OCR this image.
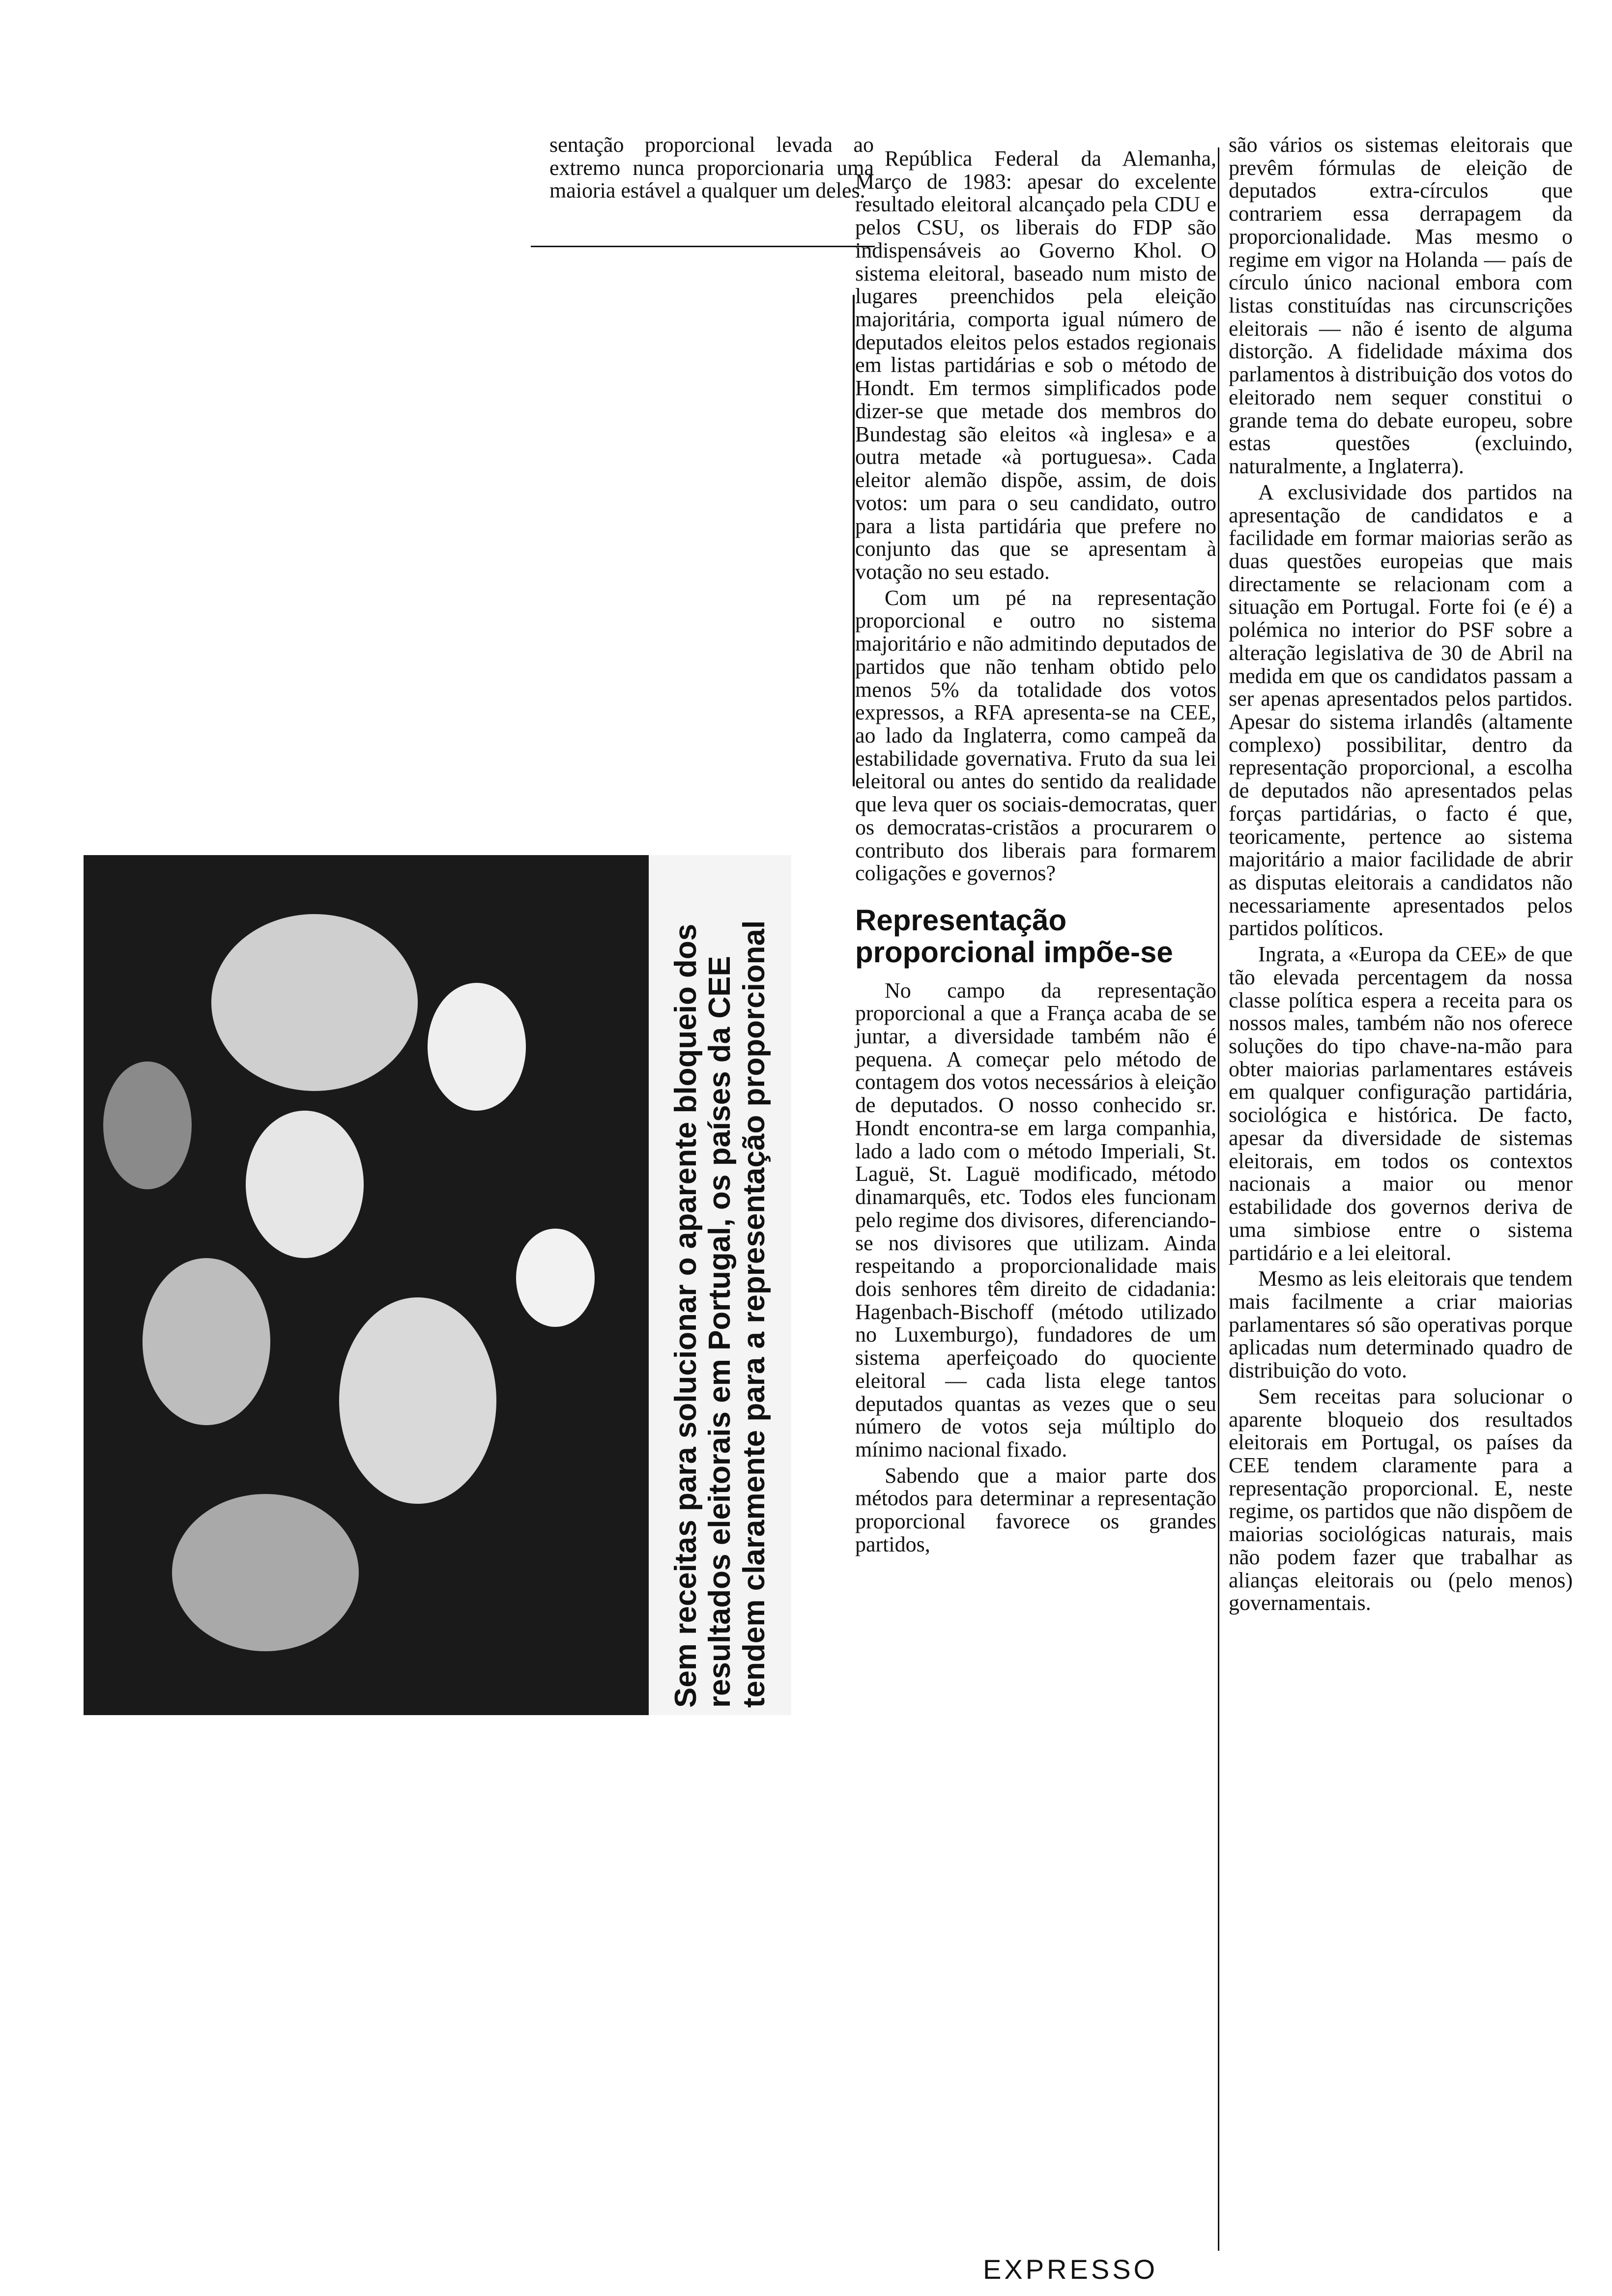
sentação proporcional levada ao extremo nunca proporcionaria uma maioria estável a qualquer um deles.

República Federal da Alemanha, Março de 1983: apesar do excelente resultado eleitoral alcançado pela CDU e pelos CSU, os liberais do FDP são indispensáveis ao Governo Khol. O sistema eleitoral, baseado num misto de lugares preenchidos pela eleição majoritária, comporta igual número de deputados eleitos pelos estados regionais em listas partidárias e sob o método de Hondt. Em termos simplificados pode dizer-se que metade dos membros do Bundestag são eleitos «à inglesa» e a outra metade «à portuguesa». Cada eleitor alemão dispõe, assim, de dois votos: um para o seu candidato, outro para a lista partidária que prefere no conjunto das que se apresentam à votação no seu estado.

Com um pé na representação proporcional e outro no sistema majoritário e não admitindo deputados de partidos que não tenham obtido pelo menos 5% da totalidade dos votos expressos, a RFA apresenta-se na CEE, ao lado da Inglaterra, como campeã da estabilidade governativa. Fruto da sua lei eleitoral ou antes do sentido da realidade que leva quer os sociais-democratas, quer os democratas-cristãos a procurarem o contributo dos liberais para formarem coligações e governos?

Representação proporcional impõe-se

No campo da representação proporcional a que a França acaba de se juntar, a diversidade também não é pequena. A começar pelo método de contagem dos votos necessários à eleição de deputados. O nosso conhecido sr. Hondt encontra-se em larga companhia, lado a lado com o método Imperiali, St. Laguë, St. Laguë modificado, método dinamarquês, etc. Todos eles funcionam pelo regime dos divisores, diferenciando-se nos divisores que utilizam. Ainda respeitando a proporcionalidade mais dois senhores têm direito de cidadania: Hagenbach-Bischoff (método utilizado no Luxemburgo), fundadores de um sistema aperfeiçoado do quociente eleitoral — cada lista elege tantos deputados quantas as vezes que o seu número de votos seja múltiplo do mínimo nacional fixado.

Sabendo que a maior parte dos métodos para determinar a representação proporcional favorece os grandes partidos,

são vários os sistemas eleitorais que prevêm fórmulas de eleição de deputados extra-círculos que contrariem essa derrapagem da proporcionalidade. Mas mesmo o regime em vigor na Holanda — país de círculo único nacional embora com listas constituídas nas circunscrições eleitorais — não é isento de alguma distorção. A fidelidade máxima dos parlamentos à distribuição dos votos do eleitorado nem sequer constitui o grande tema do debate europeu, sobre estas questões (excluindo, naturalmente, a Inglaterra).

A exclusividade dos partidos na apresentação de candidatos e a facilidade em formar maiorias serão as duas questões europeias que mais directamente se relacionam com a situação em Portugal. Forte foi (e é) a polémica no interior do PSF sobre a alteração legislativa de 30 de Abril na medida em que os candidatos passam a ser apenas apresentados pelos partidos. Apesar do sistema irlandês (altamente complexo) possibilitar, dentro da representação proporcional, a escolha de deputados não apresentados pelas forças partidárias, o facto é que, teoricamente, pertence ao sistema majoritário a maior facilidade de abrir as disputas eleitorais a candidatos não necessariamente apresentados pelos partidos políticos.

Ingrata, a «Europa da CEE» de que tão elevada percentagem da nossa classe política espera a receita para os nossos males, também não nos oferece soluções do tipo chave-na-mão para obter maiorias parlamentares estáveis em qualquer configuração partidária, sociológica e histórica. De facto, apesar da diversidade de sistemas eleitorais, em todos os contextos nacionais a maior ou menor estabilidade dos governos deriva de uma simbiose entre o sistema partidário e a lei eleitoral.

Mesmo as leis eleitorais que tendem mais facilmente a criar maiorias parlamentares só são operativas porque aplicadas num determinado quadro de distribuição do voto.

Sem receitas para solucionar o aparente bloqueio dos resultados eleitorais em Portugal, os países da CEE tendem claramente para a representação proporcional. E, neste regime, os partidos que não dispõem de maiorias sociológicas naturais, mais não podem fazer que trabalhar as alianças eleitorais ou (pelo menos) governamentais.

Sem receitas para solucionar o aparente bloqueio dos resultados eleitorais em Portugal, os países da CEE tendem claramente para a representação proporcional
EXPRESSO
